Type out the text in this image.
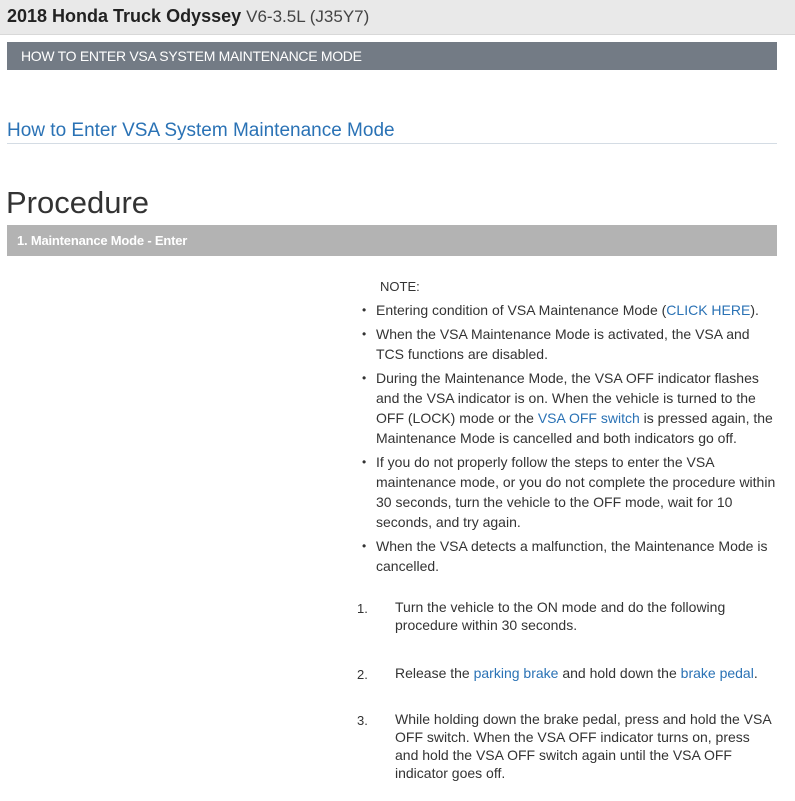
2018 Honda Truck Odyssey V6-3.5L (J35Y7)
HOW TO ENTER VSA SYSTEM MAINTENANCE MODE
How to Enter VSA System Maintenance Mode
Procedure
1. Maintenance Mode - Enter
NOTE:
• Entering condition of VSA Maintenance Mode (CLICK HERE).
• When the VSA Maintenance Mode is activated, the VSA and TCS functions are disabled.
• During the Maintenance Mode, the VSA OFF indicator flashes and the VSA indicator is on. When the vehicle is turned to the OFF (LOCK) mode or the VSA OFF switch is pressed again, the Maintenance Mode is cancelled and both indicators go off.
• If you do not properly follow the steps to enter the VSA maintenance mode, or you do not complete the procedure within 30 seconds, turn the vehicle to the OFF mode, wait for 10 seconds, and try again.
• When the VSA detects a malfunction, the Maintenance Mode is cancelled.
1. Turn the vehicle to the ON mode and do the following procedure within 30 seconds.
2. Release the parking brake and hold down the brake pedal.
3. While holding down the brake pedal, press and hold the VSA OFF switch. When the VSA OFF indicator turns on, press and hold the VSA OFF switch again until the VSA OFF indicator goes off.
